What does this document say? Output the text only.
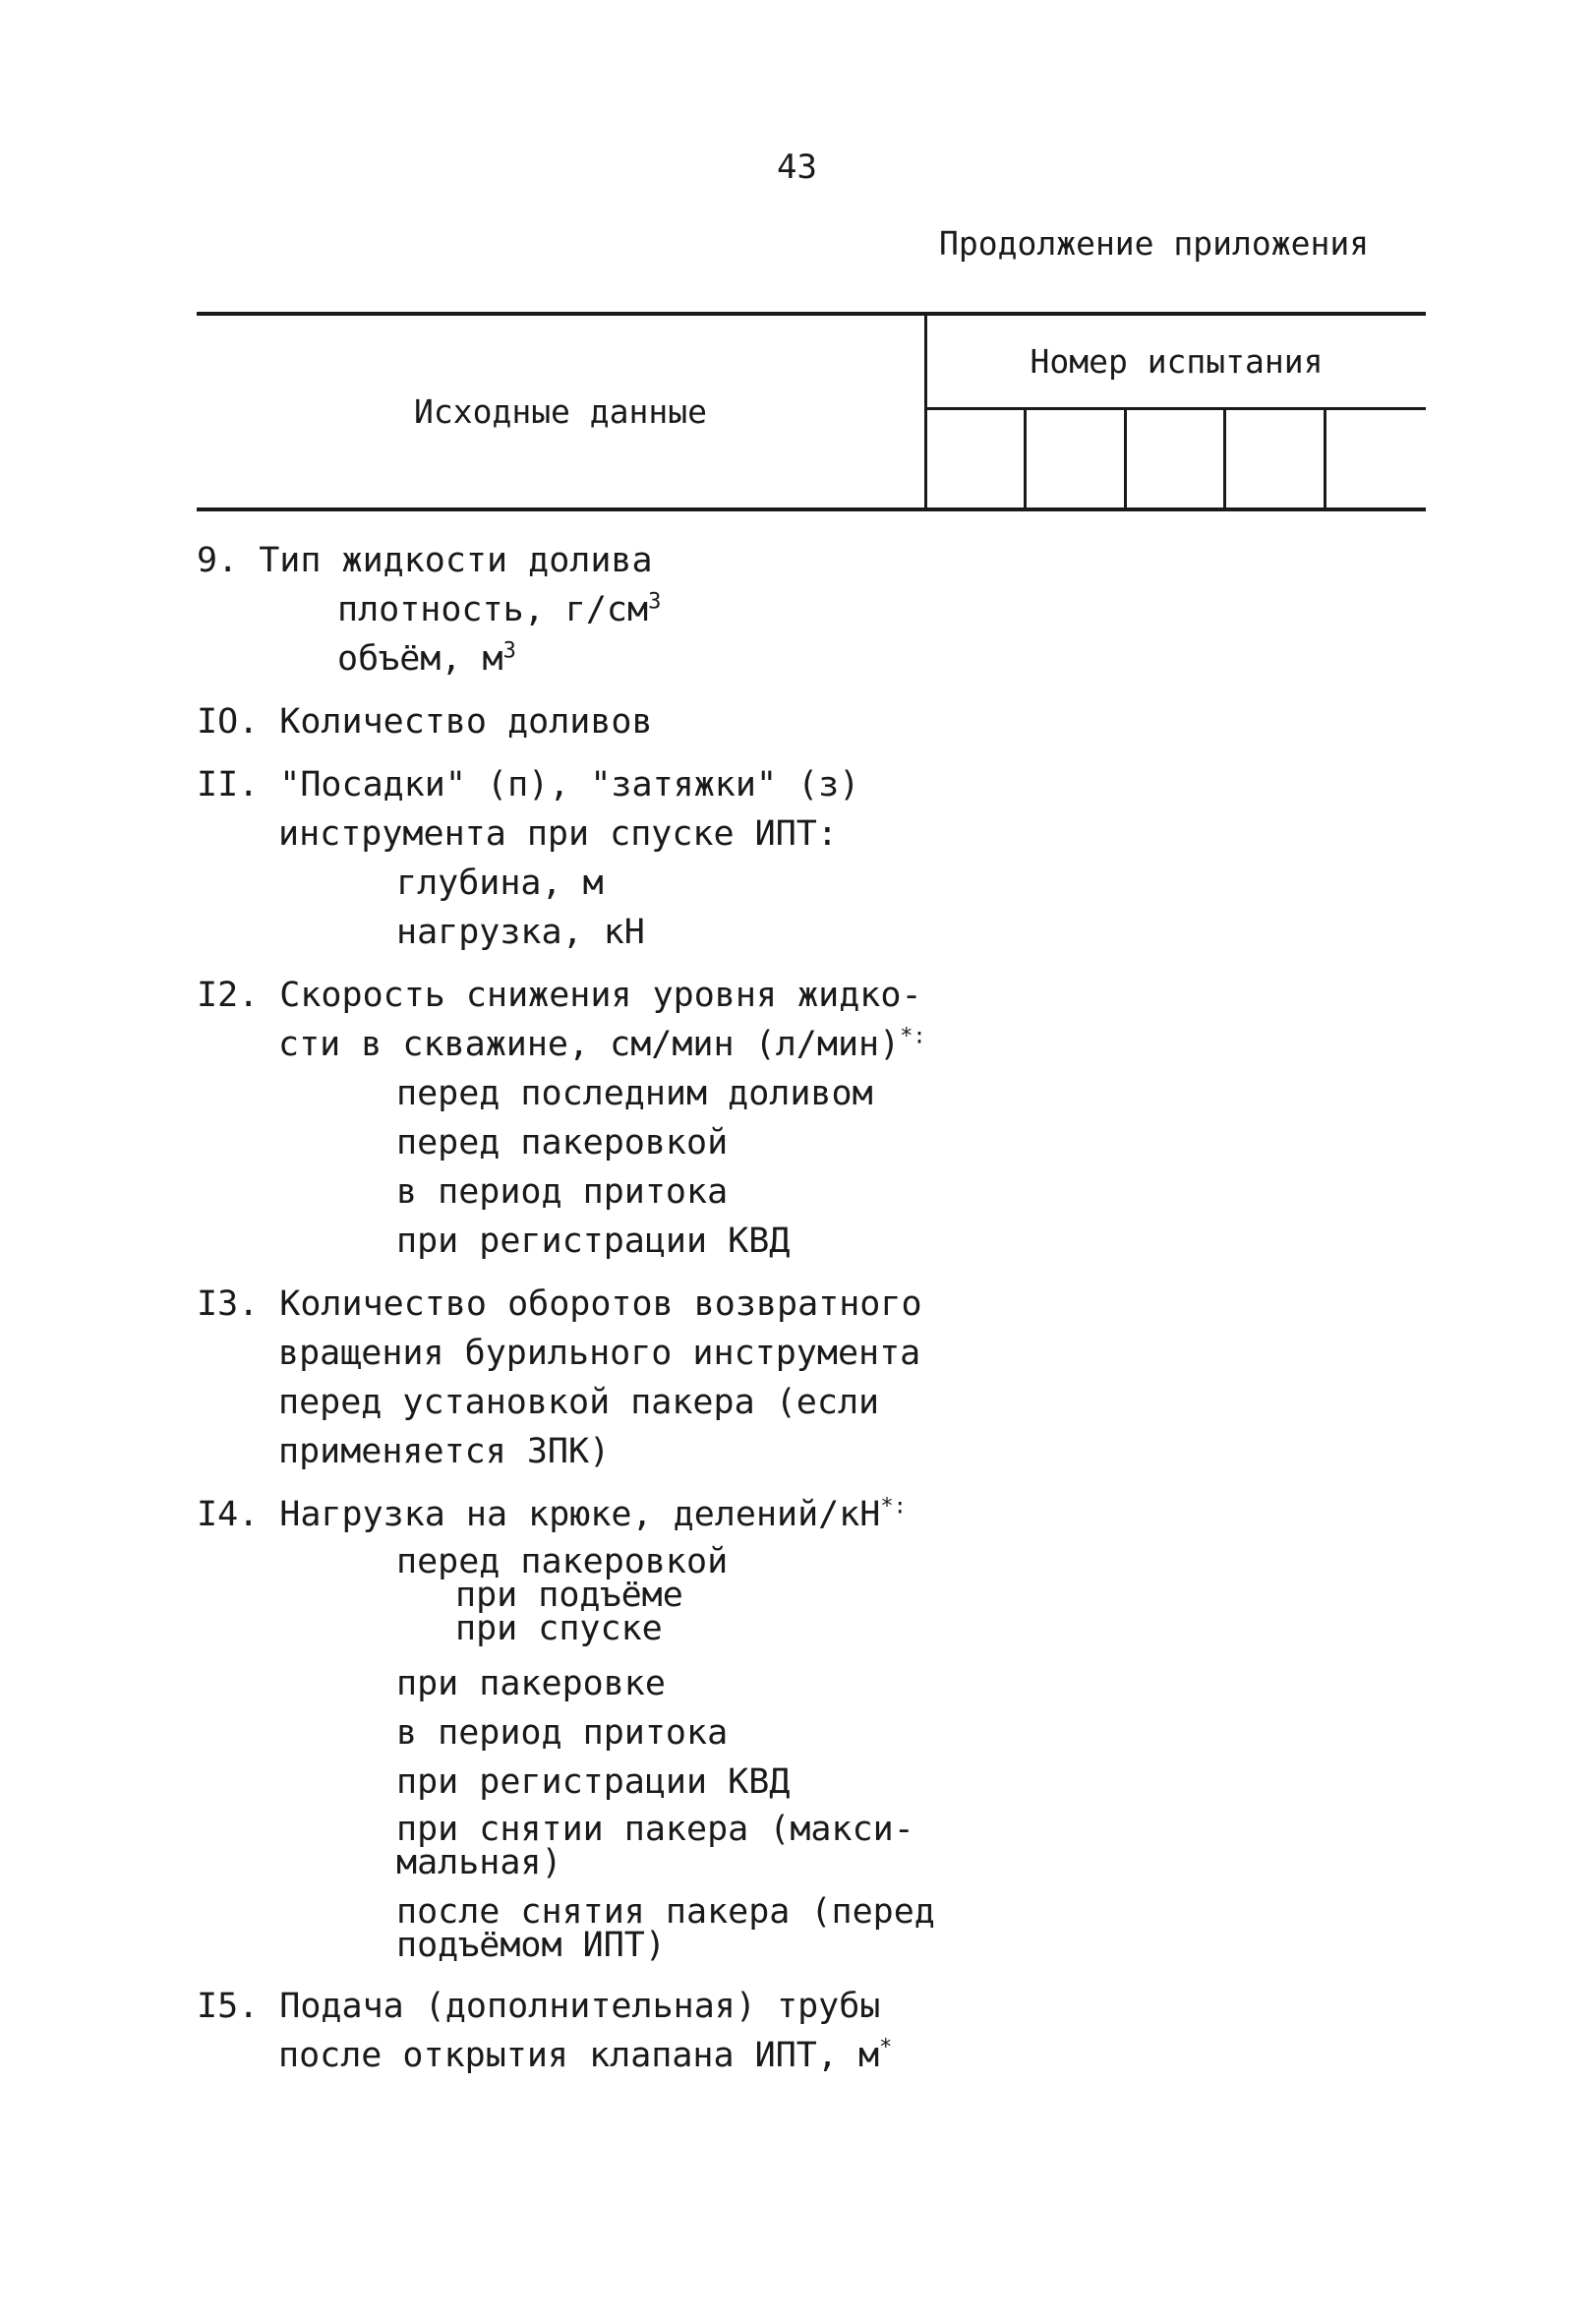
43
Продолжение приложения
Исходные данные
Номер испытания
9. Тип жидкости долива
плотность, $г/см^3$
объём, $м^3$
IO. Количество доливов
II. "Посадки" (п), "затяжки" (з)
инструмента при спуске ИПТ:
глубина, м
нагрузка, кН
I2. Скорость снижения уровня жидко-
сти в скважине, см/мин (л/мин)*:
перед последним доливом
перед пакеровкой
в период притока
при регистрации КВД
I3. Количество оборотов возвратного
вращения бурильного инструмента
перед установкой пакера (если
применяется ЗПК)
I4. Нагрузка на крюке, делений/кН*:
перед пакеровкой
при подъёме
при спуске
при пакеровке
в период притока
при регистрации КВД
при снятии пакера (макси-
мальная)
после снятия пакера (перед
подъёмом ИПТ)
I5. Подача (дополнительная) трубы
после открытия клапана ИПТ, м*
